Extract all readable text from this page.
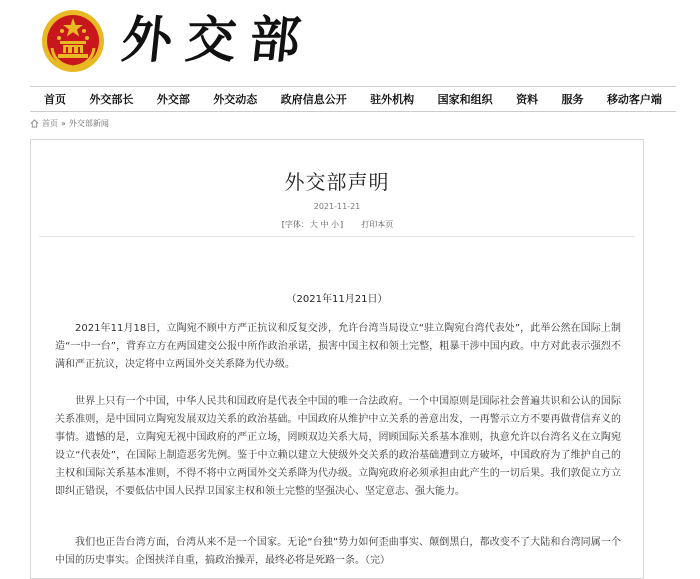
外交部
首页 外交部长 外交部 外交动态 政府信息公开 驻外机构 国家和组织 资料 服务 移动客户端
首页 » 外交部新闻
外交部声明
2021-11-21
[字体：大 中 小] 打印本页
（2021年11月21日）

2021年11月18日，立陶宛不顾中方严正抗议和反复交涉，允许台湾当局设立“驻立陶宛台湾代表处”，此举公然在国际上制造“一中一台”，背弃立方在两国建交公报中所作政治承诺，损害中国主权和领土完整，粗暴干涉中国内政。中方对此表示强烈不满和严正抗议，决定将中立两国外交关系降为代办级。

世界上只有一个中国，中华人民共和国政府是代表全中国的唯一合法政府。一个中国原则是国际社会普遍共识和公认的国际关系准则，是中国同立陶宛发展双边关系的政治基础。中国政府从维护中立关系的善意出发，一再警示立方不要再做背信弃义的事情。遗憾的是，立陶宛无视中国政府的严正立场，罔顾双边关系大局，罔顾国际关系基本准则，执意允许以台湾名义在立陶宛设立“代表处”，在国际上制造恶劣先例。鉴于中立赖以建立大使级外交关系的政治基础遭到立方破坏，中国政府为了维护自己的主权和国际关系基本准则，不得不将中立两国外交关系降为代办级。立陶宛政府必须承担由此产生的一切后果。我们敦促立方立即纠正错误，不要低估中国人民捍卫国家主权和领土完整的坚强决心、坚定意志、强大能力。

我们也正告台湾方面，台湾从来不是一个国家。无论“台独”势力如何歪曲事实、颠倒黑白，都改变不了大陆和台湾同属一个中国的历史事实。企图挟洋自重，搞政治操弄，最终必将是死路一条。（完）
